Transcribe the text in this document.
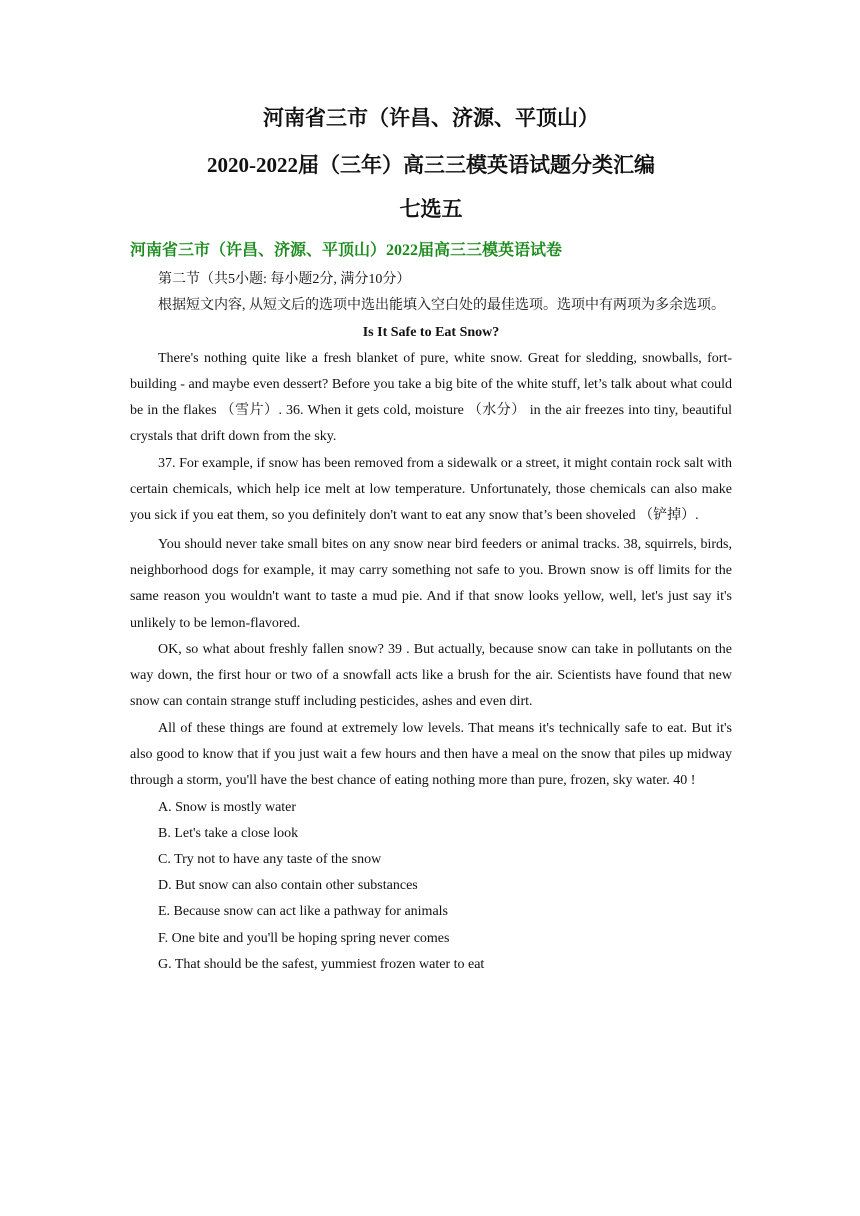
河南省三市（许昌、济源、平顶山）
2020-2022届（三年）高三三模英语试题分类汇编
七选五
河南省三市（许昌、济源、平顶山）2022届高三三模英语试卷

第二节（共5小题: 每小题2分, 满分10分）

根据短文内容, 从短文后的选项中选出能填入空白处的最佳选项。选项中有两项为多余选项。

Is It Safe to Eat Snow?

There's nothing quite like a fresh blanket of pure, white snow. Great for sledding, snowballs, fort-building - and maybe even dessert? Before you take a big bite of the white stuff, let’s talk about what could be in the flakes （雪片）. 36. When it gets cold, moisture （水分） in the air freezes into tiny, beautiful crystals that drift down from the sky.

37. For example, if snow has been removed from a sidewalk or a street, it might contain rock salt with certain chemicals, which help ice melt at low temperature. Unfortunately, those chemicals can also make you sick if you eat them, so you definitely don't want to eat any snow that’s been shoveled （铲掉）.

You should never take small bites on any snow near bird feeders or animal tracks. 38, squirrels, birds, neighborhood dogs for example, it may carry something not safe to you. Brown snow is off limits for the same reason you wouldn't want to taste a mud pie. And if that snow looks yellow, well, let's just say it's unlikely to be lemon-flavored.

OK, so what about freshly fallen snow? 39 . But actually, because snow can take in pollutants on the way down, the first hour or two of a snowfall acts like a brush for the air. Scientists have found that new snow can contain strange stuff including pesticides, ashes and even dirt.

All of these things are found at extremely low levels. That means it's technically safe to eat. But it's also good to know that if you just wait a few hours and then have a meal on the snow that piles up midway through a storm, you'll have the best chance of eating nothing more than pure, frozen, sky water. 40 !

A. Snow is mostly water
B. Let's take a close look
C. Try not to have any taste of the snow
D. But snow can also contain other substances
E. Because snow can act like a pathway for animals
F. One bite and you'll be hoping spring never comes
G. That should be the safest, yummiest frozen water to eat
